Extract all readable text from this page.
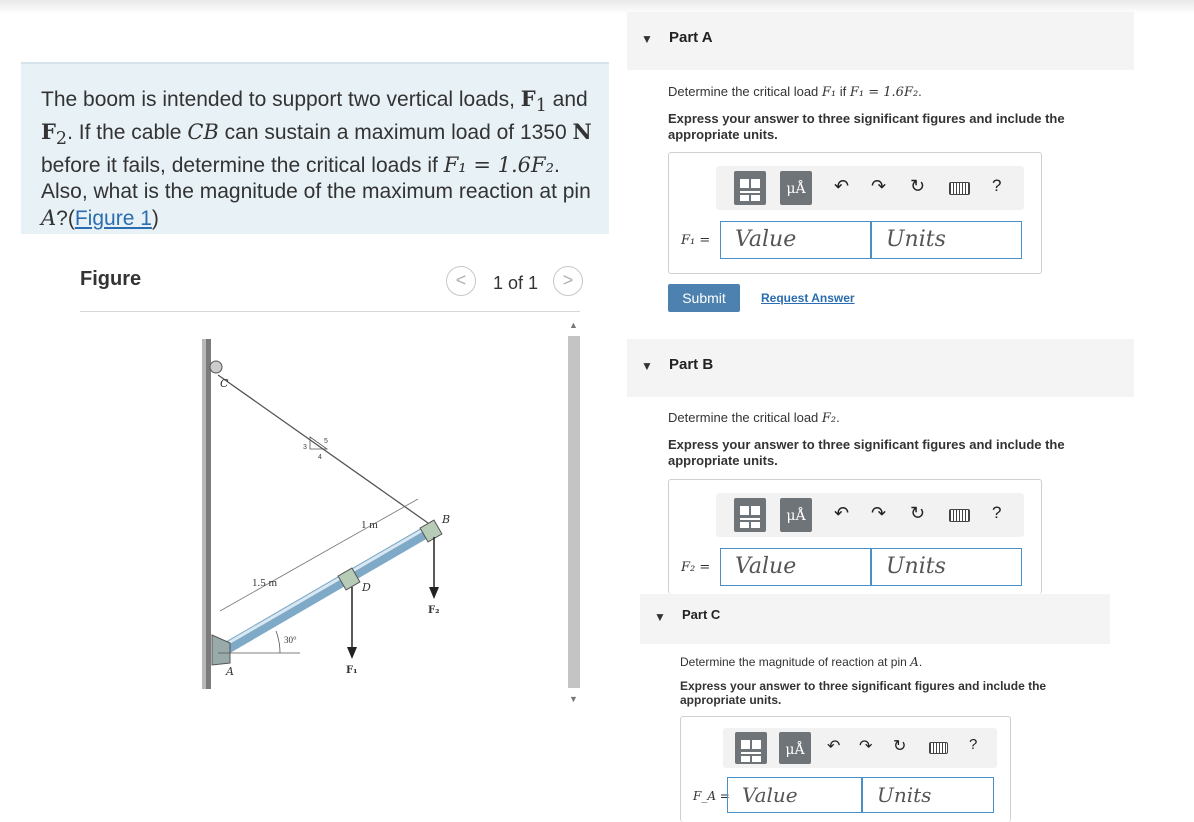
The boom is intended to support two vertical loads, $F_1$ and $F_2$. If the cable CB can sustain a maximum load of 1350 N before it fails, determine the critical loads if F₁ = 1.6F₂. Also, what is the magnitude of the maximum reaction at pin A?(Figure 1)

Figure	<	1 of 1	>
3
4
5
C
A
D
B
1.5 m
1 m
30°
F₁
F₂
▲
▼
▼ Part A
Determine the critical load F₁ if F₁ = 1.6F₂.
Express your answer to three significant figures and include the appropriate units.
μÅ	↶ ↷ ↻	?
F₁ =	Value	Units
Submit	Request Answer
▼ Part B
Determine the critical load F₂.
Express your answer to three significant figures and include the appropriate units.
μÅ	↶ ↷ ↻	?
F₂ =	Value	Units
▼ Part C
Determine the magnitude of reaction at pin A.
Express your answer to three significant figures and include the appropriate units.
μÅ	↶ ↷ ↻	?
F_A = Value	Units
